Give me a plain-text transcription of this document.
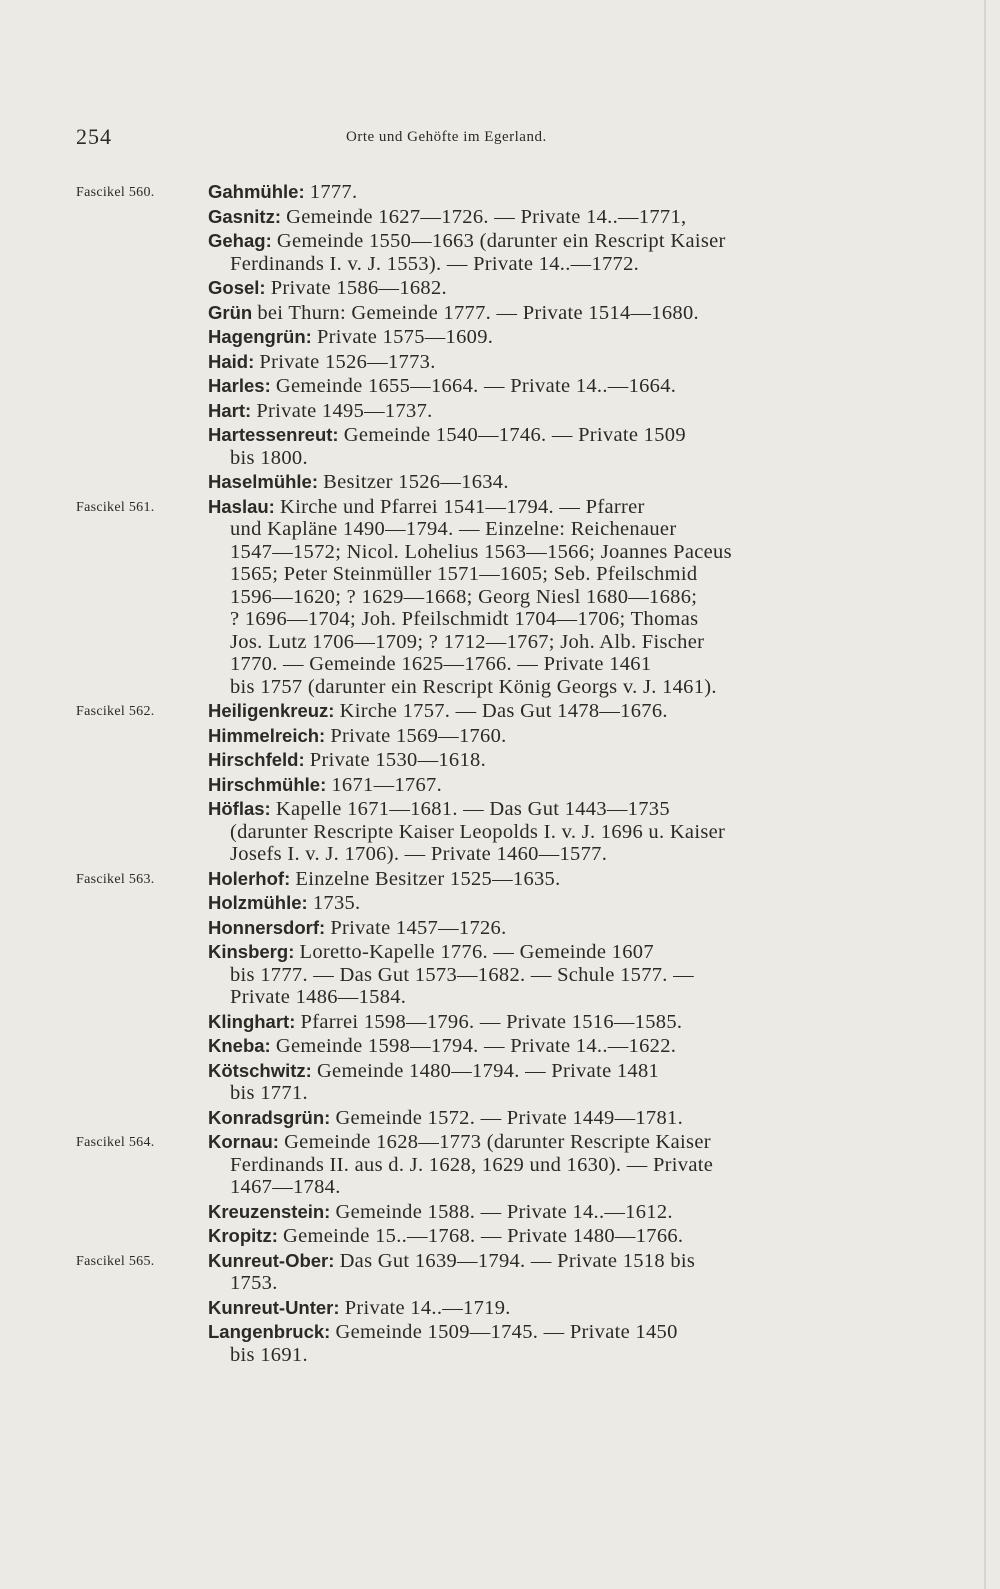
254	Orte und Gehöfte im Egerland.
Fascikel 560.	Gahmühle: 1777.
Gasnitz: Gemeinde 1627—1726. — Private 14..—1771,
Gehag: Gemeinde 1550—1663 (darunter ein Rescript Kaiser
Ferdinands I. v. J. 1553). — Private 14..—1772.
Gosel: Private 1586—1682.
Grün bei Thurn: Gemeinde 1777. — Private 1514—1680.
Hagengrün: Private 1575—1609.
Haid: Private 1526—1773.
Harles: Gemeinde 1655—1664. — Private 14..—1664.
Hart: Private 1495—1737.
Hartessenreut: Gemeinde 1540—1746. — Private 1509
bis 1800.
Haselmühle: Besitzer 1526—1634.
Fascikel 561.	Haslau: Kirche und Pfarrei 1541—1794. — Pfarrer
und Kapläne 1490—1794. — Einzelne: Reichenauer
1547—1572; Nicol. Lohelius 1563—1566; Joannes Paceus
1565; Peter Steinmüller 1571—1605; Seb. Pfeilschmid
1596—1620; ? 1629—1668; Georg Niesl 1680—1686;
? 1696—1704; Joh. Pfeilschmidt 1704—1706; Thomas
Jos. Lutz 1706—1709; ? 1712—1767; Joh. Alb. Fischer
1770. — Gemeinde 1625—1766. — Private 1461
bis 1757 (darunter ein Rescript König Georgs v. J. 1461).
Fascikel 562.	Heiligenkreuz: Kirche 1757. — Das Gut 1478—1676.
Himmelreich: Private 1569—1760.
Hirschfeld: Private 1530—1618.
Hirschmühle: 1671—1767.
Höflas: Kapelle 1671—1681. — Das Gut 1443—1735
(darunter Rescripte Kaiser Leopolds I. v. J. 1696 u. Kaiser
Josefs I. v. J. 1706). — Private 1460—1577.
Fascikel 563.	Holerhof: Einzelne Besitzer 1525—1635.
Holzmühle: 1735.
Honnersdorf: Private 1457—1726.
Kinsberg: Loretto-Kapelle 1776. — Gemeinde 1607
bis 1777. — Das Gut 1573—1682. — Schule 1577. —
Private 1486—1584.
Klinghart: Pfarrei 1598—1796. — Private 1516—1585.
Kneba: Gemeinde 1598—1794. — Private 14..—1622.
Kötschwitz: Gemeinde 1480—1794. — Private 1481
bis 1771.
Konradsgrün: Gemeinde 1572. — Private 1449—1781.
Fascikel 564.	Kornau: Gemeinde 1628—1773 (darunter Rescripte Kaiser
Ferdinands II. aus d. J. 1628, 1629 und 1630). — Private
1467—1784.
Kreuzenstein: Gemeinde 1588. — Private 14..—1612.
Kropitz: Gemeinde 15..—1768. — Private 1480—1766.
Fascikel 565.	Kunreut-Ober: Das Gut 1639—1794. — Private 1518 bis
1753.
Kunreut-Unter: Private 14..—1719.
Langenbruck: Gemeinde 1509—1745. — Private 1450
bis 1691.
